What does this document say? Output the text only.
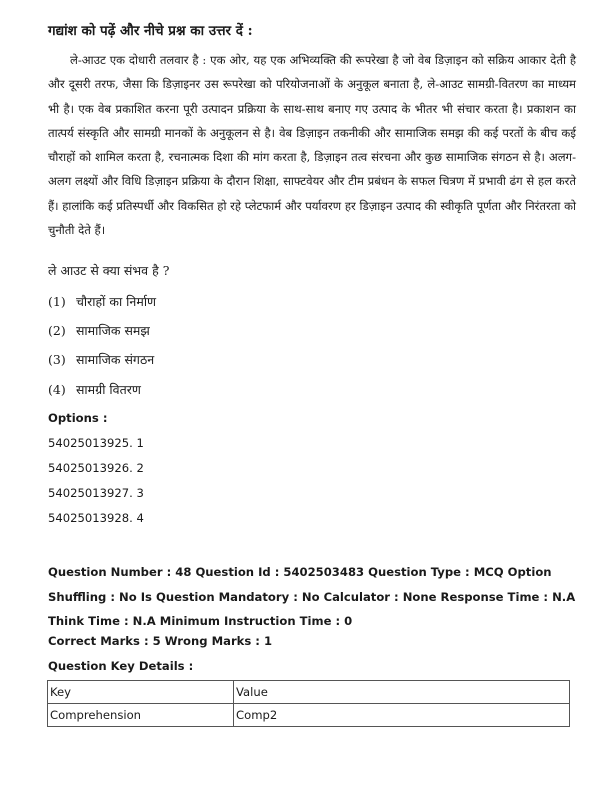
गद्यांश को पढ़ें और नीचे प्रश्न का उत्तर दें :

ले-आउट एक दोधारी तलवार है : एक ओर, यह एक अभिव्यक्ति की रूपरेखा है जो वेब डिज़ाइन को सक्रिय आकार देती है और दूसरी तरफ, जैसा कि डिज़ाइनर उस रूपरेखा को परियोजनाओं के अनुकूल बनाता है, ले-आउट सामग्री-वितरण का माध्यम भी है। एक वेब प्रकाशित करना पूरी उत्पादन प्रक्रिया के साथ-साथ बनाए गए उत्पाद के भीतर भी संचार करता है। प्रकाशन का तात्पर्य संस्कृति और सामग्री मानकों के अनुकूलन से है। वेब डिज़ाइन तकनीकी और सामाजिक समझ की कई परतों के बीच कई चौराहों को शामिल करता है, रचनात्मक दिशा की मांग करता है, डिज़ाइन तत्व संरचना और कुछ सामाजिक संगठन से है। अलग-अलग लक्ष्यों और विधि डिज़ाइन प्रक्रिया के दौरान शिक्षा, साफ्टवेयर और टीम प्रबंधन के सफल चित्रण में प्रभावी ढंग से हल करते हैं। हालांकि कई प्रतिस्पर्धी और विकसित हो रहे प्लेटफार्म और पर्यावरण हर डिज़ाइन उत्पाद की स्वीकृति पूर्णता और निरंतरता को चुनौती देते हैं।

ले आउट से क्या संभव है ?
(1) चौराहों का निर्माण
(2) सामाजिक समझ
(3) सामाजिक संगठन
(4) सामग्री वितरण
Options :
54025013925. 1
54025013926. 2
54025013927. 3
54025013928. 4
Question Number : 48 Question Id : 5402503483 Question Type : MCQ Option Shuffling : No Is Question Mandatory : No Calculator : None Response Time : N.A Think Time : N.A Minimum Instruction Time : 0
Correct Marks : 5 Wrong Marks : 1
Question Key Details :
Key	Value
Comprehension	Comp2
